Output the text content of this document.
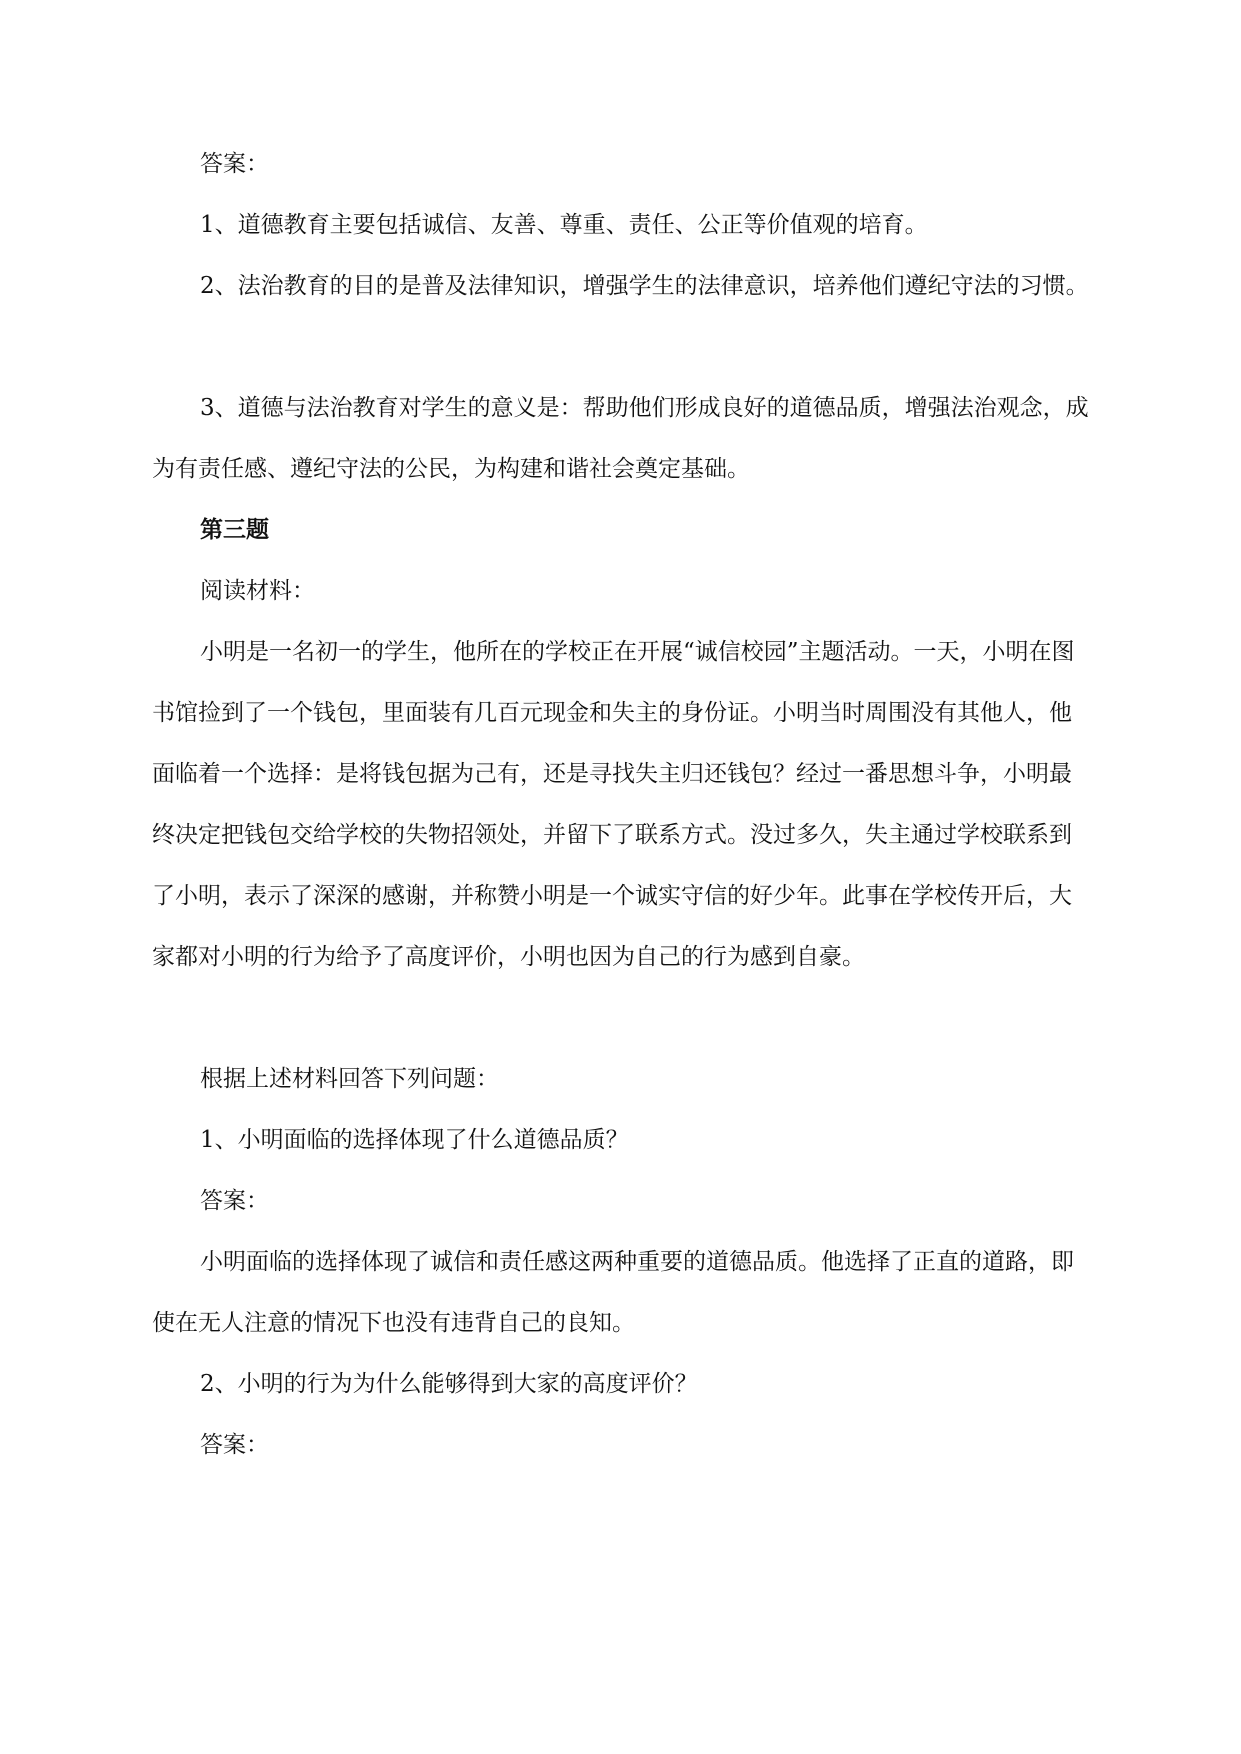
答案：

1、道德教育主要包括诚信、友善、尊重、责任、公正等价值观的培育。

2、法治教育的目的是普及法律知识，增强学生的法律意识，培养他们遵纪守法的习惯。

3、道德与法治教育对学生的意义是：帮助他们形成良好的道德品质，增强法治观念，成为有责任感、遵纪守法的公民，为构建和谐社会奠定基础。

第三题

阅读材料：

小明是一名初一的学生，他所在的学校正在开展“诚信校园”主题活动。一天，小明在图书馆捡到了一个钱包，里面装有几百元现金和失主的身份证。小明当时周围没有其他人，他面临着一个选择：是将钱包据为己有，还是寻找失主归还钱包？经过一番思想斗争，小明最终决定把钱包交给学校的失物招领处，并留下了联系方式。没过多久，失主通过学校联系到了小明，表示了深深的感谢，并称赞小明是一个诚实守信的好少年。此事在学校传开后，大家都对小明的行为给予了高度评价，小明也因为自己的行为感到自豪。

根据上述材料回答下列问题：

1、小明面临的选择体现了什么道德品质？

答案：

小明面临的选择体现了诚信和责任感这两种重要的道德品质。他选择了正直的道路，即使在无人注意的情况下也没有违背自己的良知。

2、小明的行为为什么能够得到大家的高度评价？

答案：
